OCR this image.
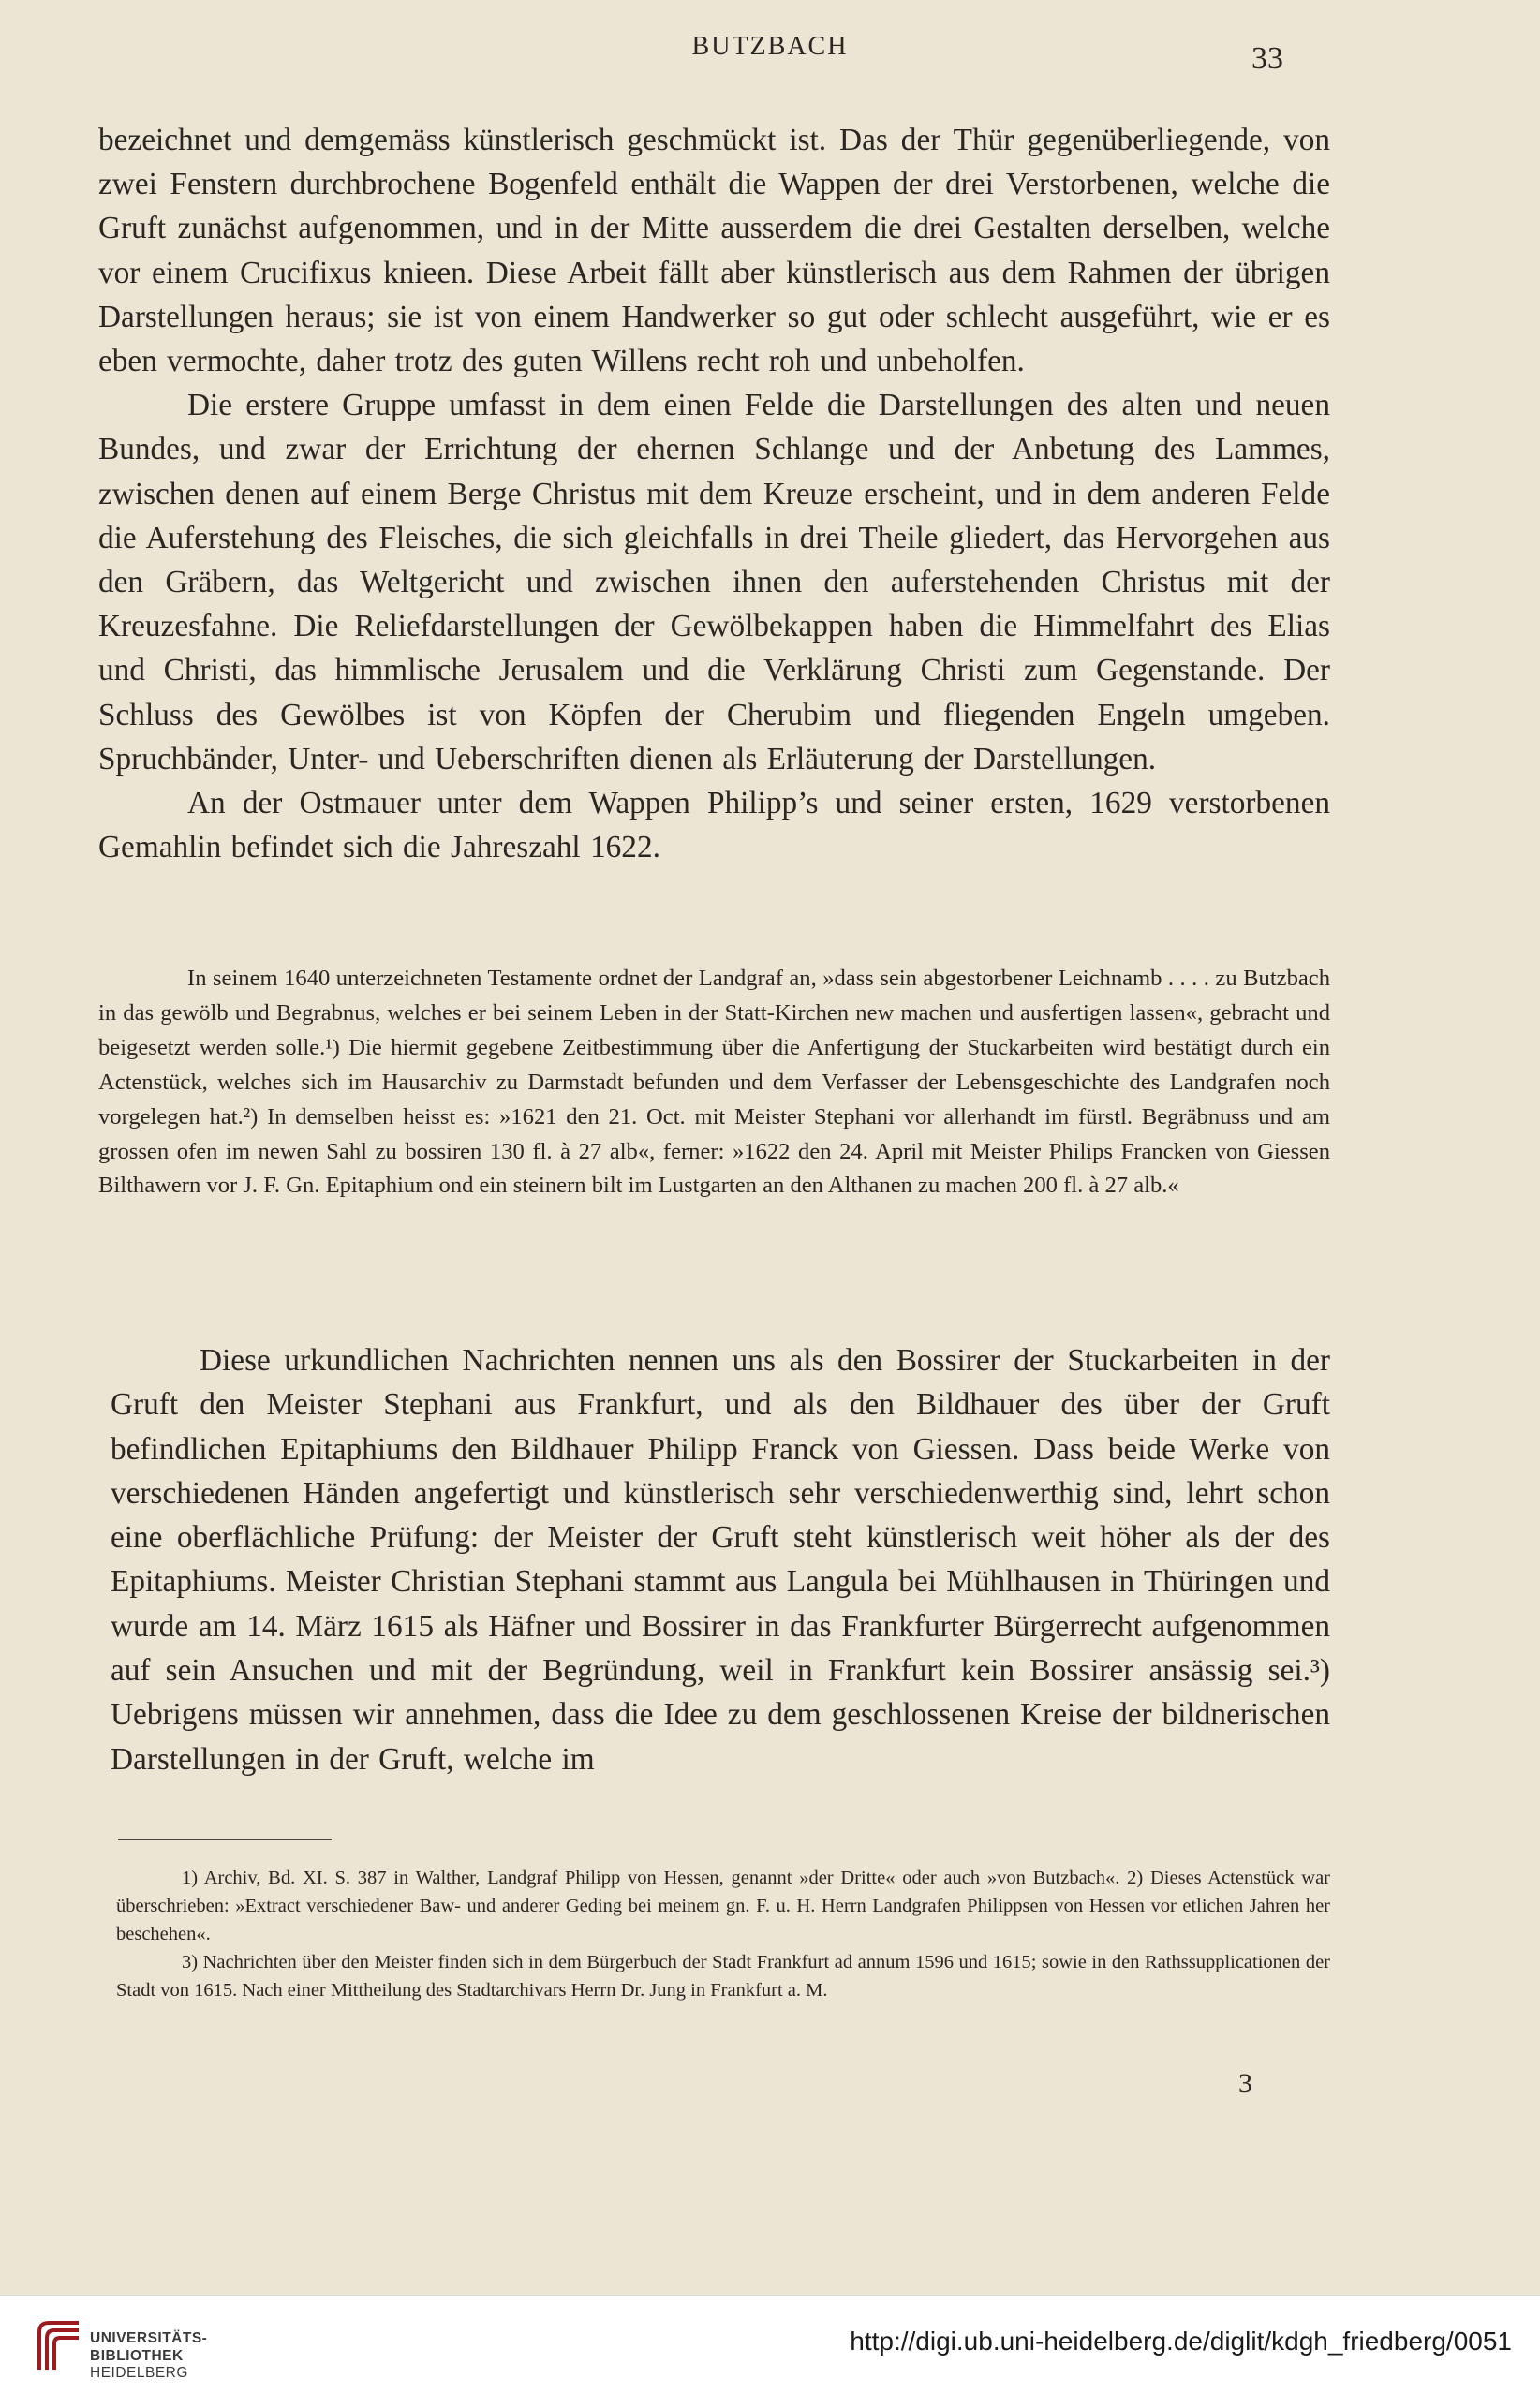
BUTZBACH	33

bezeichnet und demgemäss künstlerisch geschmückt ist. Das der Thür gegenüberliegende, von zwei Fenstern durchbrochene Bogenfeld enthält die Wappen der drei Verstorbenen, welche die Gruft zunächst aufgenommen, und in der Mitte ausserdem die drei Gestalten derselben, welche vor einem Crucifixus knieen. Diese Arbeit fällt aber künstlerisch aus dem Rahmen der übrigen Darstellungen heraus; sie ist von einem Handwerker so gut oder schlecht ausgeführt, wie er es eben vermochte, daher trotz des guten Willens recht roh und unbeholfen.

Die erstere Gruppe umfasst in dem einen Felde die Darstellungen des alten und neuen Bundes, und zwar der Errichtung der ehernen Schlange und der Anbetung des Lammes, zwischen denen auf einem Berge Christus mit dem Kreuze erscheint, und in dem anderen Felde die Auferstehung des Fleisches, die sich gleichfalls in drei Theile gliedert, das Hervorgehen aus den Gräbern, das Weltgericht und zwischen ihnen den auferstehenden Christus mit der Kreuzesfahne. Die Reliefdarstellungen der Gewölbekappen haben die Himmelfahrt des Elias und Christi, das himmlische Jerusalem und die Verklärung Christi zum Gegenstande. Der Schluss des Gewölbes ist von Köpfen der Cherubim und fliegenden Engeln umgeben. Spruchbänder, Unter- und Ueberschriften dienen als Erläuterung der Darstellungen.

An der Ostmauer unter dem Wappen Philipp’s und seiner ersten, 1629 verstorbenen Gemahlin befindet sich die Jahreszahl 1622.

In seinem 1640 unterzeichneten Testamente ordnet der Landgraf an, »dass sein abgestorbener Leichnamb . . . . zu Butzbach in das gewölb und Begrabnus, welches er bei seinem Leben in der Statt-Kirchen new machen und ausfertigen lassen«, gebracht und beigesetzt werden solle.¹) Die hiermit gegebene Zeitbestimmung über die Anfertigung der Stuckarbeiten wird bestätigt durch ein Actenstück, welches sich im Hausarchiv zu Darmstadt befunden und dem Verfasser der Lebensgeschichte des Landgrafen noch vorgelegen hat.²) In demselben heisst es: »1621 den 21. Oct. mit Meister Stephani vor allerhandt im fürstl. Begräbnuss und am grossen ofen im newen Sahl zu bossiren 130 fl. à 27 alb«, ferner: »1622 den 24. April mit Meister Philips Francken von Giessen Bilthawern vor J. F. Gn. Epitaphium ond ein steinern bilt im Lustgarten an den Althanen zu machen 200 fl. à 27 alb.«

Diese urkundlichen Nachrichten nennen uns als den Bossirer der Stuckarbeiten in der Gruft den Meister Stephani aus Frankfurt, und als den Bildhauer des über der Gruft befindlichen Epitaphiums den Bildhauer Philipp Franck von Giessen. Dass beide Werke von verschiedenen Händen angefertigt und künstlerisch sehr verschiedenwerthig sind, lehrt schon eine oberflächliche Prüfung: der Meister der Gruft steht künstlerisch weit höher als der des Epitaphiums. Meister Christian Stephani stammt aus Langula bei Mühlhausen in Thüringen und wurde am 14. März 1615 als Häfner und Bossirer in das Frankfurter Bürgerrecht aufgenommen auf sein Ansuchen und mit der Begründung, weil in Frankfurt kein Bossirer ansässig sei.³) Uebrigens müssen wir annehmen, dass die Idee zu dem geschlossenen Kreise der bildnerischen Darstellungen in der Gruft, welche im

1) Archiv, Bd. XI. S. 387 in Walther, Landgraf Philipp von Hessen, genannt »der Dritte« oder auch »von Butzbach«. 2) Dieses Actenstück war überschrieben: »Extract verschiedener Baw- und anderer Geding bei meinem gn. F. u. H. Herrn Landgrafen Philippsen von Hessen vor etlichen Jahren her beschehen«.

3) Nachrichten über den Meister finden sich in dem Bürgerbuch der Stadt Frankfurt ad annum 1596 und 1615; sowie in den Rathssupplicationen der Stadt von 1615. Nach einer Mittheilung des Stadtarchivars Herrn Dr. Jung in Frankfurt a. M.

3
UNIVERSITÄTS-
BIBLIOTHEK
HEIDELBERG
http://digi.ub.uni-heidelberg.de/diglit/kdgh_friedberg/0051
